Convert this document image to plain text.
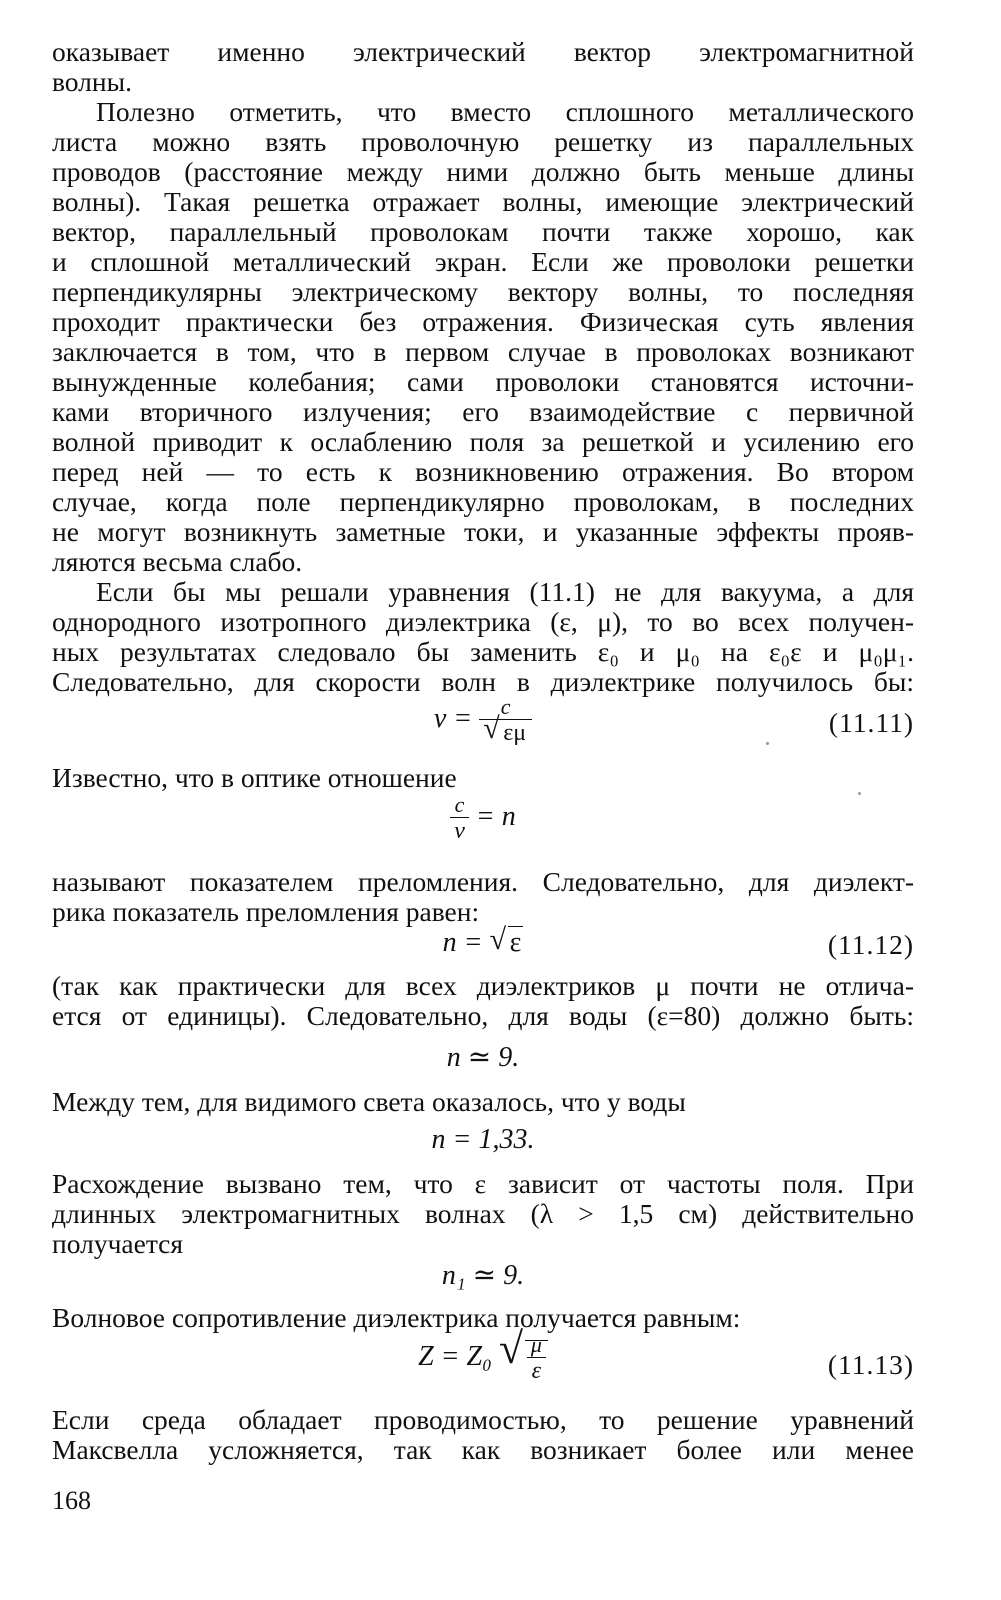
оказывает именно электрический вектор электромагнитной

волны.

Полезно отметить, что вместо сплошного металлического

листа можно взять проволочную решетку из параллельных

проводов (расстояние между ними должно быть меньше длины

волны). Такая решетка отражает волны, имеющие электрический

вектор, параллельный проволокам почти также хорошо, как

и сплошной металлический экран. Если же проволоки решетки

перпендикулярны электрическому вектору волны, то последняя

проходит практически без отражения. Физическая суть явления

заключается в том, что в первом случае в проволоках возникают

вынужденные колебания; сами проволоки становятся источни-

ками вторичного излучения; его взаимодействие с первичной

волной приводит к ослаблению поля за решеткой и усилению его

перед ней — то есть к возникновению отражения. Во втором

случае, когда поле перпендикулярно проволокам, в последних

не могут возникнуть заметные токи, и указанные эффекты прояв-

ляются весьма слабо.

Если бы мы решали уравнения (11.1) не для вакуума, а для

однородного изотропного диэлектрика (ε, μ), то во всех получен-

ных результатах следовало бы заменить ε₀ и μ₀ на ε₀ε и μ₀μ₁.

Следовательно, для скорости волн в диэлектрике получилось бы:

$v = \frac{c}{√ \varepsilon\mu}$	(11.11)

Известно, что в оптике отношение

$\frac{c}{v} = n$

называют показателем преломления. Следовательно, для диэлект-

рика показатель преломления равен:

n = √ ε	(11.12)

(так как практически для всех диэлектриков μ почти не отлича-

ется от единицы). Следовательно, для воды (ε=80) должно быть:

n ≃ 9.

Между тем, для видимого света оказалось, что у воды

n = 1,33.

Расхождение вызвано тем, что ε зависит от частоты поля. При

длинных электромагнитных волнах (λ > 1,5 см) действительно

получается

n₁ ≃ 9.

Волновое сопротивление диэлектрика получается равным:

Z = Z₀ √ $\frac{\mu}{\varepsilon}$	(11.13)

Если среда обладает проводимостью, то решение уравнений

Максвелла усложняется, так как возникает более или менее

168
